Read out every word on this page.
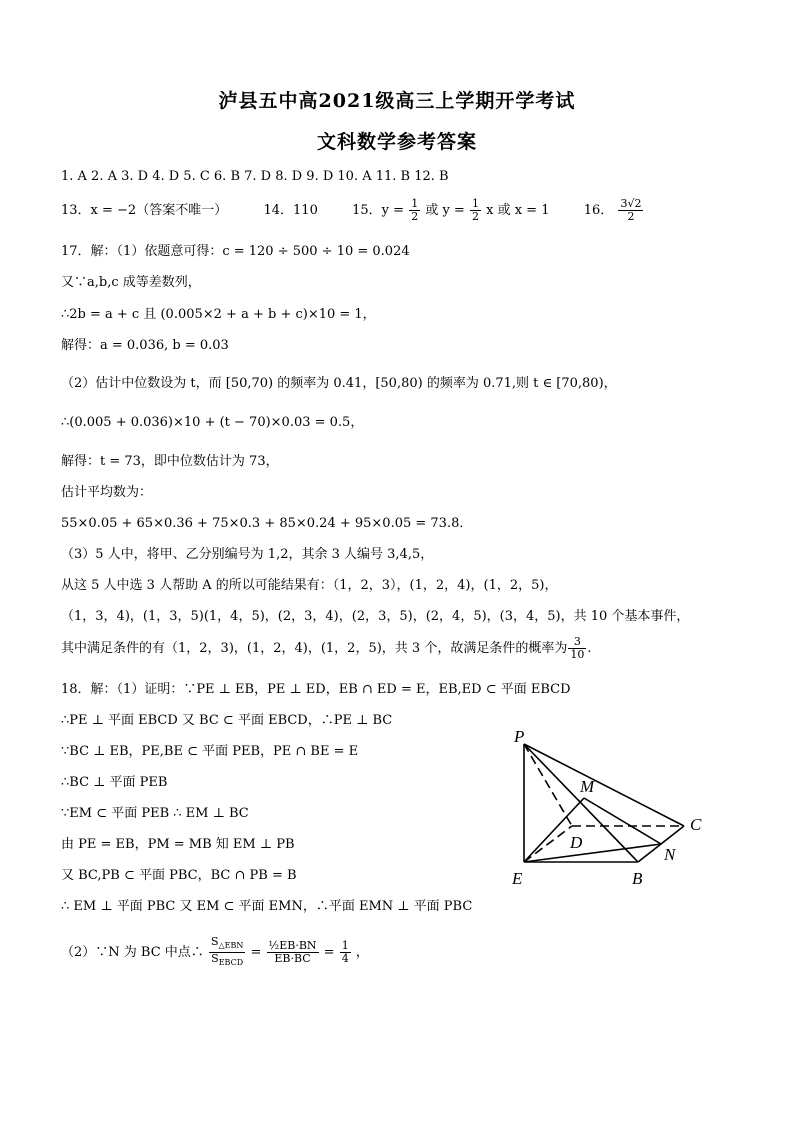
泸县五中高2021级高三上学期开学考试
文科数学参考答案
1. A 2. A 3. D 4. D 5. C 6. B 7. D 8. D 9. D 10. A 11. B 12. B
13．x = −2（答案不唯一）	14．110	15．$y = \frac{1}{2}$ 或 $y = \frac{1}{2}$ x 或 x = 1	16． $\frac{3√2}{2}$
17．解：（1）依题意可得：c = 120 ÷ 500 ÷ 10 = 0.024
又∵a,b,c 成等差数列，
∴2b = a + c 且 (0.005×2 + a + b + c)×10 = 1，
解得：a = 0.036, b = 0.03
（2）估计中位数设为 t，而 [50,70) 的频率为 0.41，[50,80) 的频率为 0.71,则 t ∈ [70,80)，
∴(0.005 + 0.036)×10 + (t − 70)×0.03 = 0.5，
解得：t = 73，即中位数估计为 73，
估计平均数为：
55×0.05 + 65×0.36 + 75×0.3 + 85×0.24 + 95×0.05 = 73.8．
（3）5 人中，将甲、乙分别编号为 1,2，其余 3 人编号 3,4,5，
从这 5 人中选 3 人帮助 A 的所以可能结果有：（1，2，3），(1，2，4)，(1，2，5)，
（1，3，4)，(1，3，5)(1，4，5)，(2，3，4)，(2，3，5)，(2，4，5)，(3，4，5)，共 10 个基本事件，
其中满足条件的有（1，2，3)，(1，2，4)，(1，2，5)，共 3 个，故满足条件的概率为 $\frac{3}{10}$ .
18．解：（1）证明：∵PE ⊥ EB，PE ⊥ ED，EB ∩ ED = E，EB,ED ⊂ 平面 EBCD
∴PE ⊥ 平面 EBCD 又 BC ⊂ 平面 EBCD，∴PE ⊥ BC
∵BC ⊥ EB，PE,BE ⊂ 平面 PEB，PE ∩ BE = E
∴BC ⊥ 平面 PEB
∵EM ⊂ 平面 PEB ∴ EM ⊥ BC
由 PE = EB，PM = MB 知 EM ⊥ PB
又 BC,PB ⊂ 平面 PBC，BC ∩ PB = B
∴ EM ⊥ 平面 PBC 又 EM ⊂ 平面 EMN，∴平面 EMN ⊥ 平面 PBC
（2）∵N 为 BC 中点∴ $\frac{S_{\triangle EBN}}{S_{EBCD}} = \frac{\text{½EB·BN}}{EB\cdot BC} = \frac{1}{4}$ ，
P
M
C
D
N
E	B
